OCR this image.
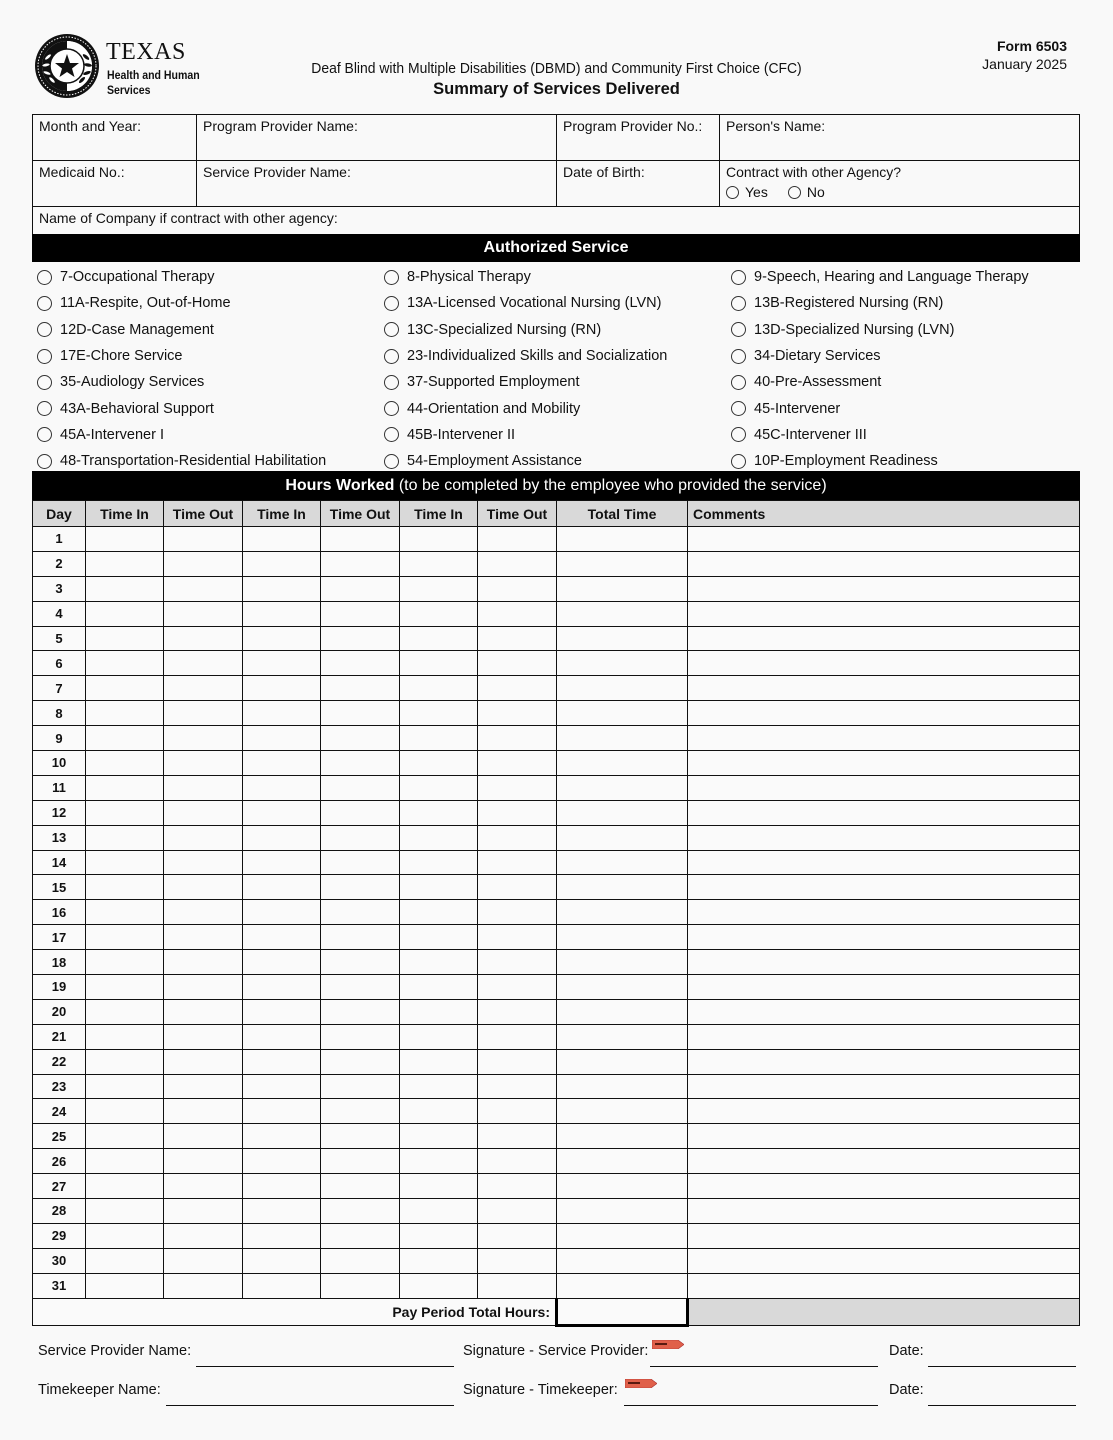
TEXAS
Health and Human
Services
Deaf Blind with Multiple Disabilities (DBMD) and Community First Choice (CFC)
Summary of Services Delivered
Form 6503
January 2025
Month and Year:	Program Provider Name:	Program Provider No.:	Person's Name:
Medicaid No.:	Service Provider Name:	Date of Birth:	Contract with other Agency?
Yes	No
Name of Company if contract with other agency:
Authorized Service
7-Occupational Therapy	8-Physical Therapy	9-Speech, Hearing and Language Therapy
11A-Respite, Out-of-Home	13A-Licensed Vocational Nursing (LVN)	13B-Registered Nursing (RN)
12D-Case Management	13C-Specialized Nursing (RN)	13D-Specialized Nursing (LVN)
17E-Chore Service	23-Individualized Skills and Socialization	34-Dietary Services
35-Audiology Services	37-Supported Employment	40-Pre-Assessment
43A-Behavioral Support	44-Orientation and Mobility	45-Intervener
45A-Intervener I	45B-Intervener II	45C-Intervener III
48-Transportation-Residential Habilitation	54-Employment Assistance	10P-Employment Readiness
Hours Worked (to be completed by the employee who provided the service)
Day	Time In	Time Out	Time In	Time Out	Time In	Time Out	Total Time	Comments
1								
2								
3								
4								
5								
6								
7								
8								
9								
10								
11								
12								
13								
14								
15								
16								
17								
18								
19								
20								
21								
22								
23								
24								
25								
26								
27								
28								
29								
30								
31								
Pay Period Total Hours:								
Service Provider Name:	Signature - Service Provider:	Date:
Timekeeper Name:	Signature - Timekeeper:	Date:
